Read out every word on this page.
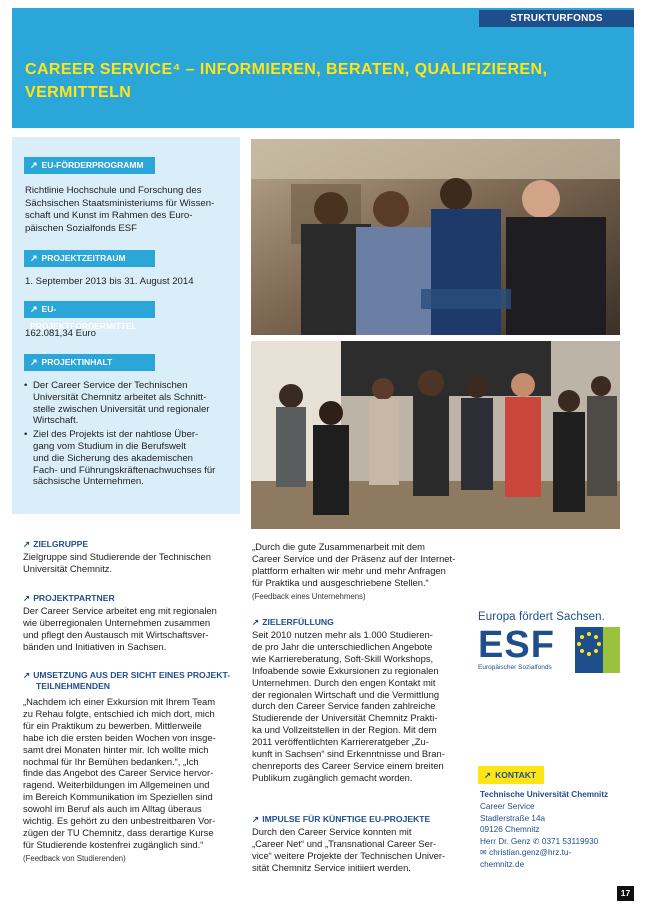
STRUKTURFONDS
CAREER SERVICE⁴ – INFORMIEREN, BERATEN, QUALIFIZIEREN,
VERMITTELN
↗ EU-FÖRDERPROGRAMM
Richtlinie Hochschule und Forschung des
Sächsischen Staatsministeriums für Wissen-
schaft und Kunst im Rahmen des Euro-
päischen Sozialfonds ESF
↗ PROJEKTZEITRAUM
1. September 2013 bis 31. August 2014
↗ EU-PROJEKTFÖRDERMITTEL
162.081,34 Euro
↗ PROJEKTINHALT
• Der Career Service der Technischen
Universität Chemnitz arbeitet als Schnitt-
stelle zwischen Universität und regionaler
Wirtschaft.
• Ziel des Projekts ist der nahtlose Über-
gang vom Studium in die Berufswelt
und die Sicherung des akademischen
Fach- und Führungskräftenachwuchses für
sächsische Unternehmen.
↗ ZIELGRUPPE
Zielgruppe sind Studierende der Technischen
Universität Chemnitz.
↗ PROJEKTPARTNER
Der Career Service arbeitet eng mit regionalen
wie überregionalen Unternehmen zusammen
und pflegt den Austausch mit Wirtschaftsver-
bänden und Initiativen in Sachsen.
↗ UMSETZUNG AUS DER SICHT EINES PROJEKT-
TEILNEHMENDEN
„Nachdem ich einer Exkursion mit Ihrem Team
zu Rehau folgte, entschied ich mich dort, mich
für ein Praktikum zu bewerben. Mittlerweile
habe ich die ersten beiden Wochen von insge-
samt drei Monaten hinter mir. Ich wollte mich
nochmal für Ihr Bemühen bedanken.“, „Ich
finde das Angebot des Career Service hervor-
ragend. Weiterbildungen im Allgemeinen und
im Bereich Kommunikation im Speziellen sind
sowohl im Beruf als auch im Alltag überaus
wichtig. Es gehört zu den unbestreitbaren Vor-
zügen der TU Chemnitz, dass derartige Kurse
für Studierende kostenfrei zugänglich sind.“
(Feedback von Studierenden)
„Durch die gute Zusammenarbeit mit dem
Career Service und der Präsenz auf der Internet-
plattform erhalten wir mehr und mehr Anfragen
für Praktika und ausgeschriebene Stellen.“
(Feedback eines Unternehmens)
↗ ZIELERFÜLLUNG
Seit 2010 nutzen mehr als 1.000 Studieren-
de pro Jahr die unterschiedlichen Angebote
wie Karriereberatung, Soft-Skill Workshops,
Infoabende sowie Exkursionen zu regionalen
Unternehmen. Durch den engen Kontakt mit
der regionalen Wirtschaft und die Vermittlung
durch den Career Service fanden zahlreiche
Studierende der Universität Chemnitz Prakti-
ka und Vollzeitstellen in der Region. Mit dem
2011 veröffentlichten Karriereratgeber „Zu-
kunft in Sachsen“ sind Erkenntnisse und Bran-
chenreports des Career Service einem breiten
Publikum zugänglich gemacht worden.
↗ IMPULSE FÜR KÜNFTIGE EU-PROJEKTE
Durch den Career Service konnten mit
„Career Net“ und „Transnational Career Ser-
vice“ weitere Projekte der Technischen Univer-
sität Chemnitz Service initiiert werden.
Europa fördert Sachsen.
ESF
Europäischer Sozialfonds
↗ KONTAKT
Technische Universität Chemnitz
Career Service
Stadlerstraße 14a
09126 Chemnitz
Herr Dr. Genz ✆ 0371 53119930
✉ christian.genz@hrz.tu-
chemnitz.de
17
